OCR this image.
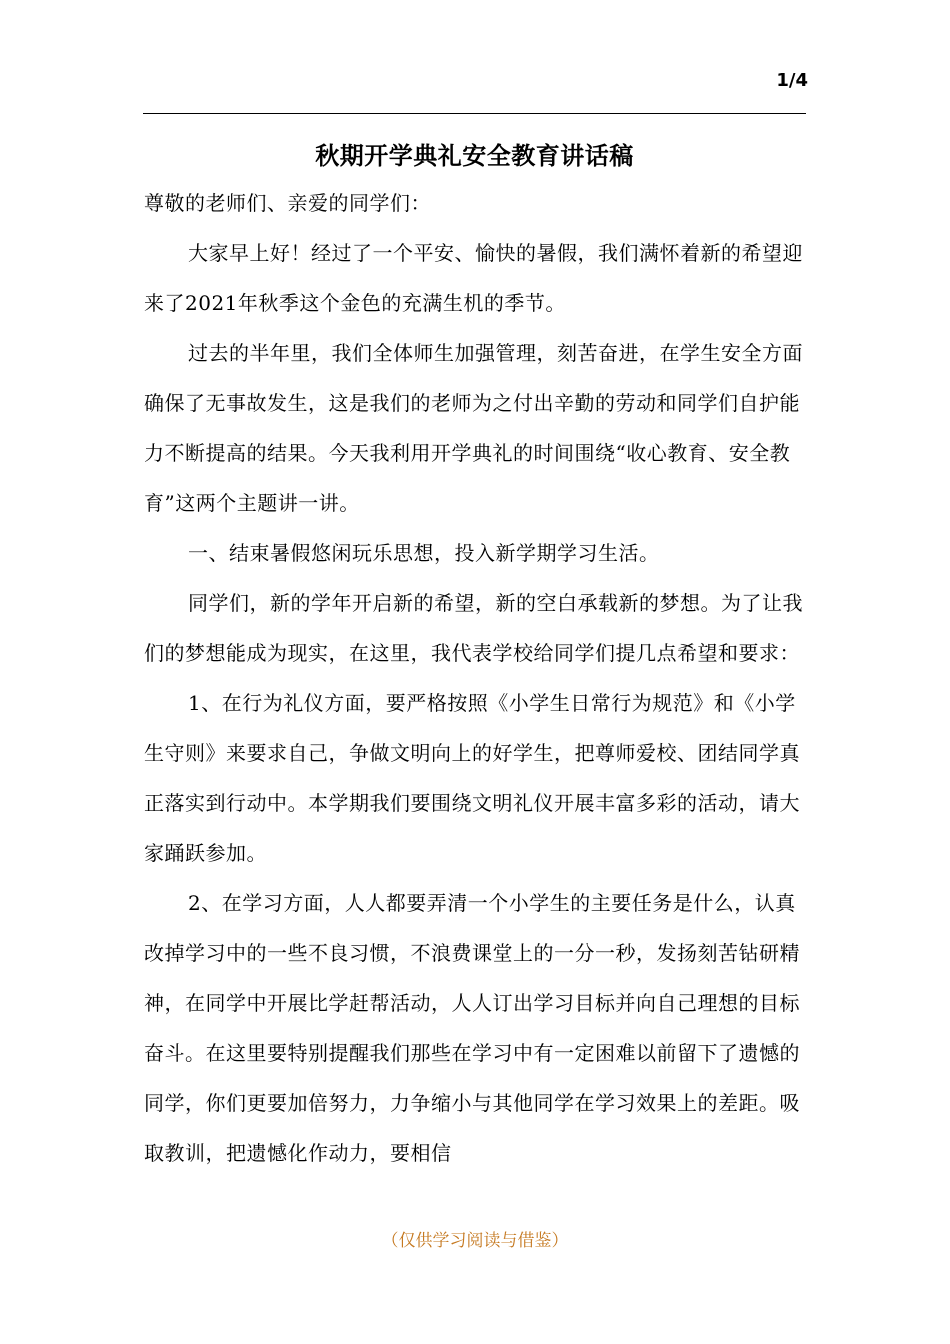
1/4
秋期开学典礼安全教育讲话稿

尊敬的老师们、亲爱的同学们：

大家早上好！经过了一个平安、愉快的暑假，我们满怀着新的希望迎来了2021年秋季这个金色的充满生机的季节。

过去的半年里，我们全体师生加强管理，刻苦奋进，在学生安全方面确保了无事故发生，这是我们的老师为之付出辛勤的劳动和同学们自护能力不断提高的结果。今天我利用开学典礼的时间围绕“收心教育、安全教育”这两个主题讲一讲。

一、结束暑假悠闲玩乐思想，投入新学期学习生活。

同学们，新的学年开启新的希望，新的空白承载新的梦想。为了让我们的梦想能成为现实，在这里，我代表学校给同学们提几点希望和要求：

1、在行为礼仪方面，要严格按照《小学生日常行为规范》和《小学生守则》来要求自己，争做文明向上的好学生，把尊师爱校、团结同学真正落实到行动中。本学期我们要围绕文明礼仪开展丰富多彩的活动，请大家踊跃参加。

2、在学习方面，人人都要弄清一个小学生的主要任务是什么，认真改掉学习中的一些不良习惯，不浪费课堂上的一分一秒，发扬刻苦钻研精神，在同学中开展比学赶帮活动，人人订出学习目标并向自己理想的目标奋斗。在这里要特别提醒我们那些在学习中有一定困难以前留下了遗憾的同学，你们更要加倍努力，力争缩小与其他同学在学习效果上的差距。吸取教训，把遗憾化作动力，要相信

（仅供学习阅读与借鉴）
